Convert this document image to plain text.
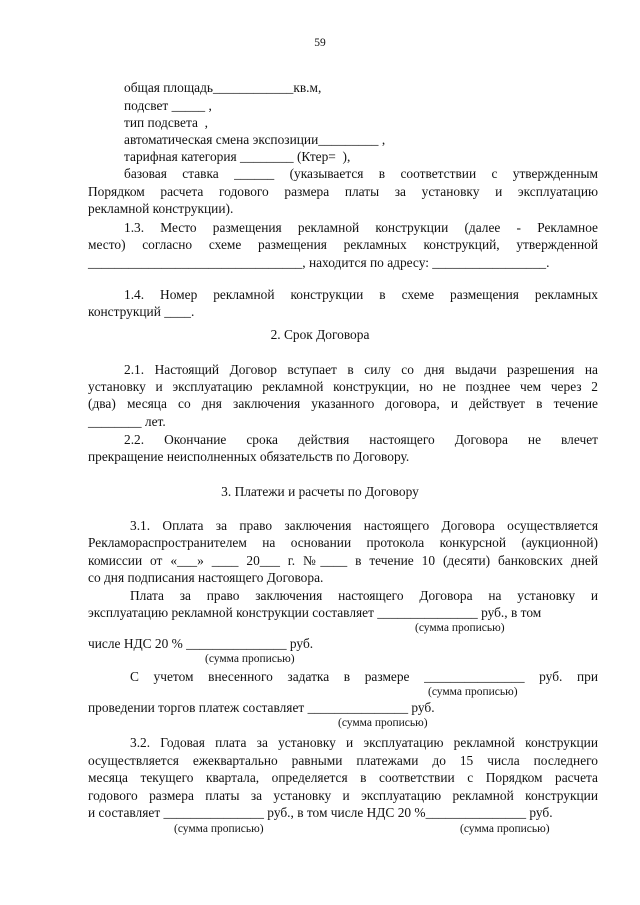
59
общая площадь____________кв.м,
подсвет _____ ,
тип подсвета  ,
автоматическая смена экспозиции_________ ,
тарифная категория ________ (Ктер=  ),
базовая ставка ______ (указывается в соответствии с утвержденным
Порядком расчета годового размера платы за установку и эксплуатацию
рекламной конструкции).
1.3. Место размещения рекламной конструкции (далее - Рекламное
место) согласно схеме размещения рекламных конструкций, утвержденной
________________________________, находится по адресу: _________________.
1.4. Номер рекламной конструкции в схеме размещения рекламных
конструкций ____.
2. Срок Договора
2.1. Настоящий Договор вступает в силу со дня выдачи разрешения на
установку и эксплуатацию рекламной конструкции, но не позднее чем через 2
(два) месяца со дня заключения указанного договора, и действует в течение
________ лет.
2.2. Окончание срока действия настоящего Договора не влечет
прекращение неисполненных обязательств по Договору.
3. Платежи и расчеты по Договору
3.1. Оплата за право заключения настоящего Договора осуществляется
Рекламораспространителем на основании протокола конкурсной (аукционной)
комиссии от «___» ____ 20___ г. №____ в течение 10 (десяти) банковских дней
со дня подписания настоящего Договора.
Плата за право заключения настоящего Договора на установку и
эксплуатацию рекламной конструкции составляет _______________ руб., в том
(сумма прописью)
числе НДС 20 % _______________ руб.
(сумма прописью)
С учетом внесенного задатка в размере _______________ руб. при
(сумма прописью)
проведении торгов платеж составляет _______________ руб.
(сумма прописью)
3.2. Годовая плата за установку и эксплуатацию рекламной конструкции
осуществляется ежеквартально равными платежами до 15 числа последнего
месяца текущего квартала, определяется в соответствии с Порядком расчета
годового размера платы за установку и эксплуатацию рекламной конструкции
и составляет _______________ руб., в том числе НДС 20 %_______________ руб.
(сумма прописью)	(сумма прописью)
